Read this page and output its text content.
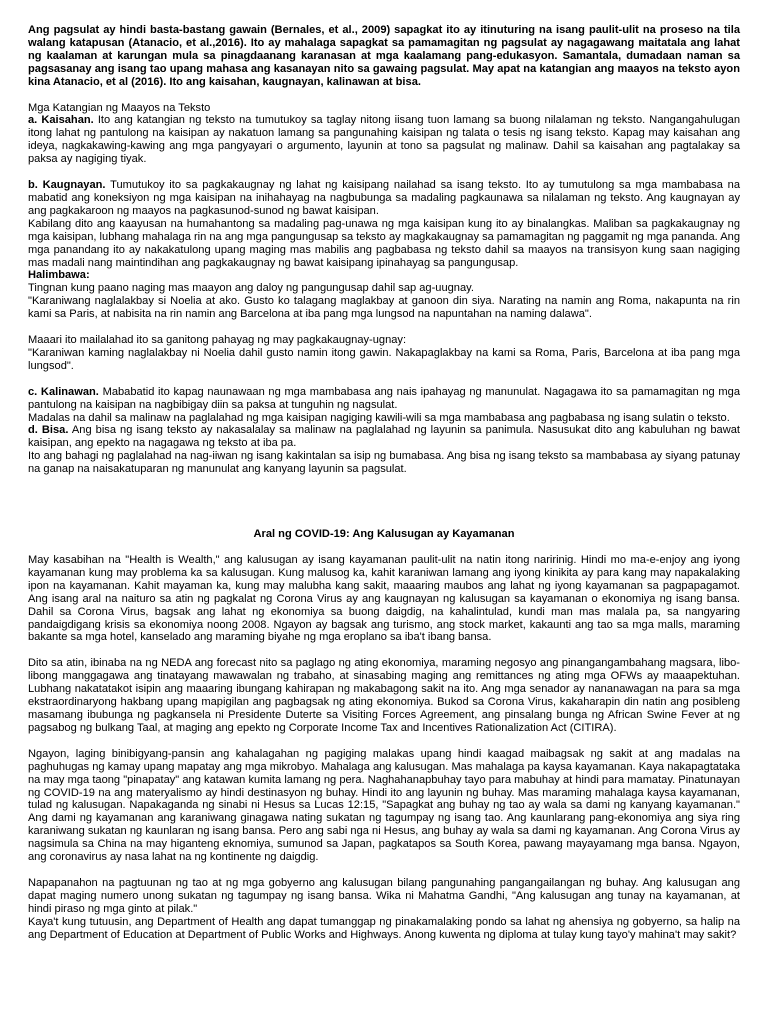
Ang pagsulat ay hindi basta-bastang gawain (Bernales, et al., 2009) sapagkat ito ay itinuturing na isang paulit-ulit na proseso na tila walang katapusan (Atanacio, et al.,2016). Ito ay mahalaga sapagkat sa pamamagitan ng pagsulat ay nagagawang maitatala ang lahat ng kaalaman at karungan mula sa pinagdaanang karanasan at mga kaalamang pang-edukasyon. Samantala, dumadaan naman sa pagsasanay ang isang tao upang mahasa ang kasanayan nito sa gawaing pagsulat. May apat na katangian ang maayos na teksto ayon kina Atanacio, et al (2016). Ito ang kaisahan, kaugnayan, kalinawan at bisa.

Mga Katangian ng Maayos na Teksto

a. Kaisahan. Ito ang katangian ng teksto na tumutukoy sa taglay nitong iisang tuon lamang sa buong nilalaman ng teksto. Nangangahulugan itong lahat ng pantulong na kaisipan ay nakatuon lamang sa pangunahing kaisipan ng talata o tesis ng isang teksto. Kapag may kaisahan ang ideya, nagkakawing-kawing ang mga pangyayari o argumento, layunin at tono sa pagsulat ng malinaw. Dahil sa kaisahan ang pagtalakay sa paksa ay nagiging tiyak.

b. Kaugnayan. Tumutukoy ito sa pagkakaugnay ng lahat ng kaisipang nailahad sa isang teksto. Ito ay tumutulong sa mga mambabasa na mabatid ang koneksiyon ng mga kaisipan na inihahayag na nagbubunga sa madaling pagkaunawa sa nilalaman ng teksto. Ang kaugnayan ay ang pagkakaroon ng maayos na pagkasunod-sunod ng bawat kaisipan.

Kabilang dito ang kaayusan na humahantong sa madaling pag-unawa ng mga kaisipan kung ito ay binalangkas. Maliban sa pagkakaugnay ng mga kaisipan, lubhang mahalaga rin na ang mga pangungusap sa teksto ay magkakaugnay sa pamamagitan ng paggamit ng mga pananda. Ang mga panandang ito ay nakakatulong upang maging mas mabilis ang pagbabasa ng teksto dahil sa maayos na transisyon kung saan nagiging mas madali nang maintindihan ang pagkakaugnay ng bawat kaisipang ipinahayag sa pangungusap.

Halimbawa:

Tingnan kung paano naging mas maayon ang daloy ng pangungusap dahil sap ag-uugnay.

"Karaniwang naglalakbay si Noelia at ako. Gusto ko talagang maglakbay at ganoon din siya. Narating na namin ang Roma, nakapunta na rin kami sa Paris, at nabisita na rin namin ang Barcelona at iba pang mga lungsod na napuntahan na naming dalawa".

Maaari ito mailalahad ito sa ganitong pahayag ng may pagkakaugnay-ugnay:

"Karaniwan kaming naglalakbay ni Noelia dahil gusto namin itong gawin. Nakapaglakbay na kami sa Roma, Paris, Barcelona at iba pang mga lungsod".

c. Kalinawan. Mababatid ito kapag naunawaan ng mga mambabasa ang nais ipahayag ng manunulat. Nagagawa ito sa pamamagitan ng mga pantulong na kaisipan na nagbibigay diin sa paksa at tunguhin ng nagsulat.

Madalas na dahil sa malinaw na paglalahad ng mga kaisipan nagiging kawili-wili sa mga mambabasa ang pagbabasa ng isang sulatin o teksto.

d. Bisa. Ang bisa ng isang teksto ay nakasalalay sa malinaw na paglalahad ng layunin sa panimula. Nasusukat dito ang kabuluhan ng bawat kaisipan, ang epekto na nagagawa ng teksto at iba pa.

Ito ang bahagi ng paglalahad na nag-iiwan ng isang kakintalan sa isip ng bumabasa. Ang bisa ng isang teksto sa mambabasa ay siyang patunay na ganap na naisakatuparan ng manunulat ang kanyang layunin sa pagsulat.

Aral ng COVID-19: Ang Kalusugan ay Kayamanan

May kasabihan na "Health is Wealth," ang kalusugan ay isang kayamanan paulit-ulit na natin itong naririnig. Hindi mo ma-e-enjoy ang iyong kayamanan kung may problema ka sa kalusugan. Kung malusog ka, kahit karaniwan lamang ang iyong kinikita ay para kang may napakalaking ipon na kayamanan. Kahit mayaman ka, kung may malubha kang sakit, maaaring maubos ang lahat ng iyong kayamanan sa pagpapagamot. Ang isang aral na naituro sa atin ng pagkalat ng Corona Virus ay ang kaugnayan ng kalusugan sa kayamanan o ekonomiya ng isang bansa. Dahil sa Corona Virus, bagsak ang lahat ng ekonomiya sa buong daigdig, na kahalintulad, kundi man mas malala pa, sa nangyaring pandaigdigang krisis sa ekonomiya noong 2008. Ngayon ay bagsak ang turismo, ang stock market, kakaunti ang tao sa mga malls, maraming bakante sa mga hotel, kanselado ang maraming biyahe ng mga eroplano sa iba't ibang bansa.

Dito sa atin, ibinaba na ng NEDA ang forecast nito sa paglago ng ating ekonomiya, maraming negosyo ang pinangangambahang magsara, libo-libong manggagawa ang tinatayang mawawalan ng trabaho, at sinasabing maging ang remittances ng ating mga OFWs ay maaapektuhan. Lubhang nakatatakot isipin ang maaaring ibungang kahirapan ng makabagong sakit na ito. Ang mga senador ay nananawagan na para sa mga ekstraordinaryong hakbang upang mapigilan ang pagbagsak ng ating ekonomiya. Bukod sa Corona Virus, kakaharapin din natin ang posibleng masamang ibubunga ng pagkansela ni Presidente Duterte sa Visiting Forces Agreement, ang pinsalang bunga ng African Swine Fever at ng pagsabog ng bulkang Taal, at maging ang epekto ng Corporate Income Tax and Incentives Rationalization Act (CITIRA).

Ngayon, laging binibigyang-pansin ang kahalagahan ng pagiging malakas upang hindi kaagad maibagsak ng sakit at ang madalas na paghuhugas ng kamay upang mapatay ang mga mikrobyo. Mahalaga ang kalusugan. Mas mahalaga pa kaysa kayamanan. Kaya nakapagtataka na may mga taong "pinapatay" ang katawan kumita lamang ng pera. Naghahanapbuhay tayo para mabuhay at hindi para mamatay. Pinatunayan ng COVID-19 na ang materyalismo ay hindi destinasyon ng buhay. Hindi ito ang layunin ng buhay. Mas maraming mahalaga kaysa kayamanan, tulad ng kalusugan. Napakaganda ng sinabi ni Hesus sa Lucas 12:15, "Sapagkat ang buhay ng tao ay wala sa dami ng kanyang kayamanan." Ang dami ng kayamanan ang karaniwang ginagawa nating sukatan ng tagumpay ng isang tao. Ang kaunlarang pang-ekonomiya ang siya ring karaniwang sukatan ng kaunlaran ng isang bansa. Pero ang sabi nga ni Hesus, ang buhay ay wala sa dami ng kayamanan. Ang Corona Virus ay nagsimula sa China na may higanteng eknomiya, sumunod sa Japan, pagkatapos sa South Korea, pawang mayayamang mga bansa. Ngayon, ang coronavirus ay nasa lahat na ng kontinente ng daigdig.

Napapanahon na pagtuunan ng tao at ng mga gobyerno ang kalusugan bilang pangunahing pangangailangan ng buhay. Ang kalusugan ang dapat maging numero unong sukatan ng tagumpay ng isang bansa. Wika ni Mahatma Gandhi, "Ang kalusugan ang tunay na kayamanan, at hindi piraso ng mga ginto at pilak."

Kaya't kung tutuusin, ang Department of Health ang dapat tumanggap ng pinakamalaking pondo sa lahat ng ahensiya ng gobyerno, sa halip na ang Department of Education at Department of Public Works and Highways. Anong kuwenta ng diploma at tulay kung tayo'y mahina't may sakit?
